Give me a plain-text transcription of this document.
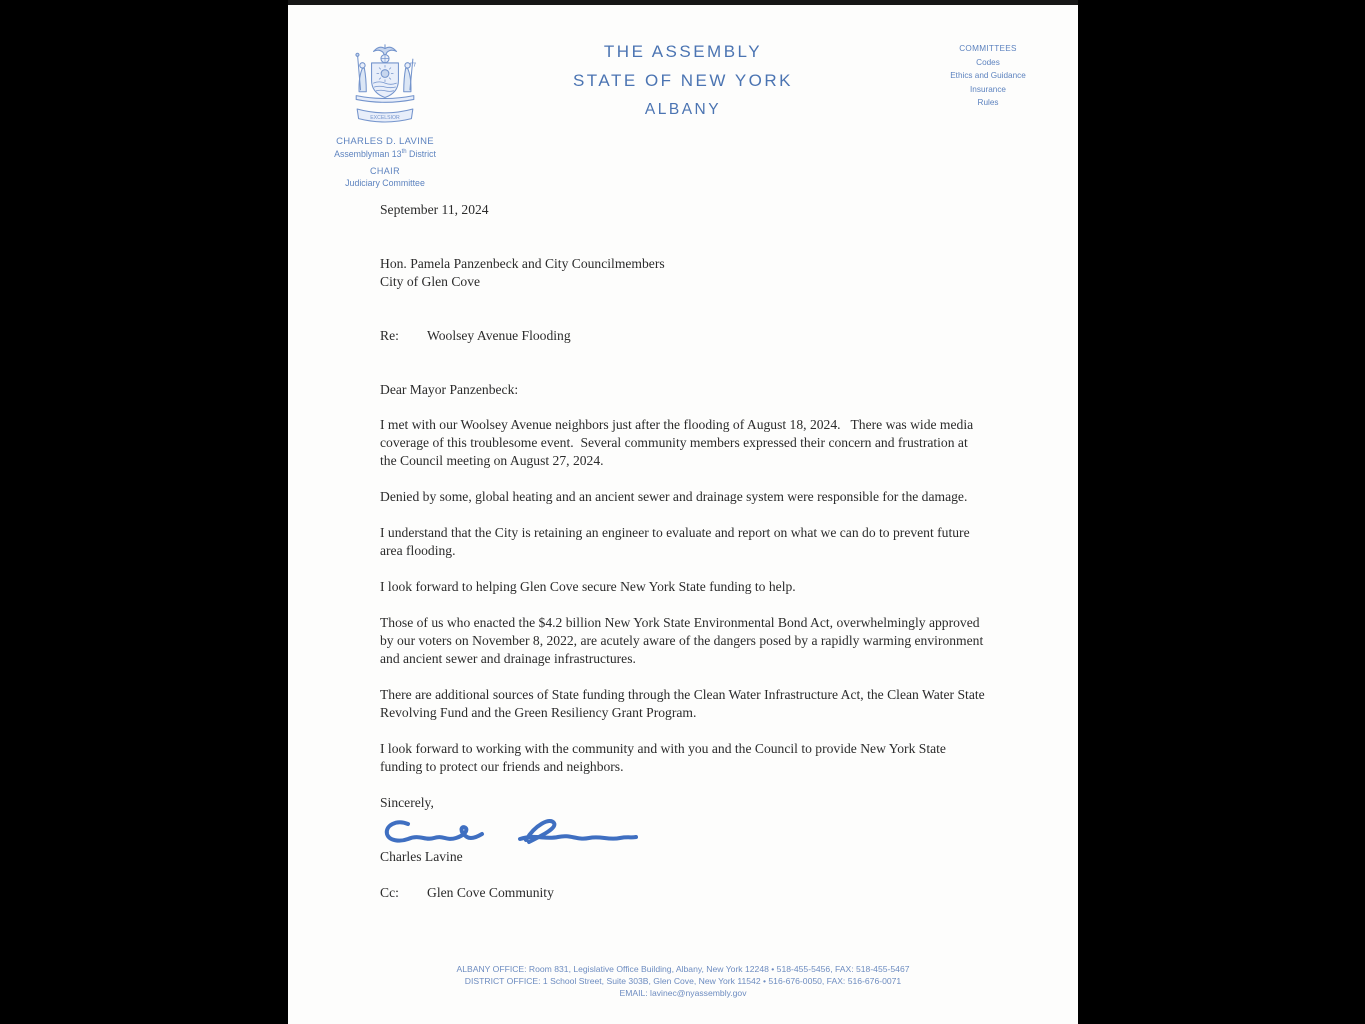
EXCELSIOR
CHARLES D. LAVINE
Assemblyman 13th District
CHAIR
Judiciary Committee
THE ASSEMBLY
STATE OF NEW YORK
ALBANY
COMMITTEES
Codes
Ethics and Guidance
Insurance
Rules
September 11, 2024
Hon. Pamela Panzenbeck and City Councilmembers
City of Glen Cove
Re: Woolsey Avenue Flooding
Dear Mayor Panzenbeck:

I met with our Woolsey Avenue neighbors just after the flooding of August 18, 2024.   There was wide media coverage of this troublesome event.  Several community members expressed their concern and frustration at the Council meeting on August 27, 2024.

Denied by some, global heating and an ancient sewer and drainage system were responsible for the damage.

I understand that the City is retaining an engineer to evaluate and report on what we can do to prevent future area flooding.

I look forward to helping Glen Cove secure New York State funding to help.

Those of us who enacted the $4.2 billion New York State Environmental Bond Act, overwhelmingly approved by our voters on November 8, 2022, are acutely aware of the dangers posed by a rapidly warming environment and ancient sewer and drainage infrastructures.

There are additional sources of State funding through the Clean Water Infrastructure Act, the Clean Water State Revolving Fund and the Green Resiliency Grant Program.

I look forward to working with the community and with you and the Council to provide New York State funding to protect our friends and neighbors.

Sincerely,
Charles Lavine
Cc: Glen Cove Community
ALBANY OFFICE: Room 831, Legislative Office Building, Albany, New York 12248 • 518-455-5456, FAX: 518-455-5467
DISTRICT OFFICE: 1 School Street, Suite 303B, Glen Cove, New York 11542 • 516-676-0050, FAX: 516-676-0071
EMAIL: lavinec@nyassembly.gov
